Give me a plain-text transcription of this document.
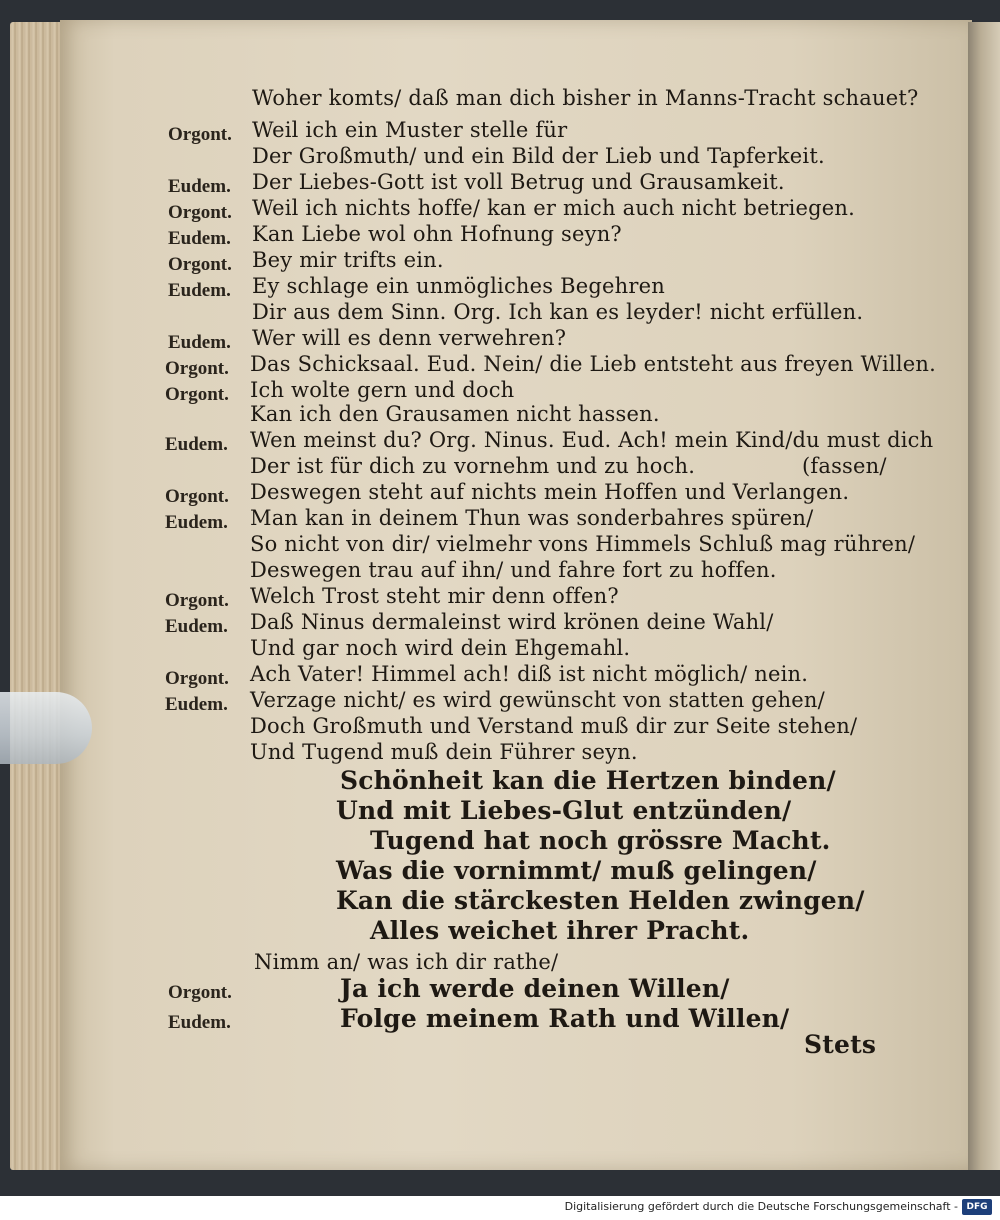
Woher komts/ daß man dich bisher in Manns-Tracht schauet?
Orgont. Weil ich ein Muster stelle für
Der Großmuth/ und ein Bild der Lieb und Tapferkeit.
Eudem. Der Liebes-Gott ist voll Betrug und Grausamkeit.
Orgont. Weil ich nichts hoffe/ kan er mich auch nicht betriegen.
Eudem. Kan Liebe wol ohn Hofnung seyn?
Orgont. Bey mir trifts ein.
Eudem. Ey schlage ein unmögliches Begehren
Dir aus dem Sinn. Org. Ich kan es leyder! nicht erfüllen.
Eudem. Wer will es denn verwehren?
Orgont. Das Schicksaal. Eud. Nein/ die Lieb entsteht aus freyen Willen.
Orgont. Ich wolte gern und doch
Kan ich den Grausamen nicht hassen.
Eudem. Wen meinst du? Org. Ninus. Eud. Ach! mein Kind/du must dich
Der ist für dich zu vornehm und zu hoch.	(fassen/
Orgont. Deswegen steht auf nichts mein Hoffen und Verlangen.
Eudem. Man kan in deinem Thun was sonderbahres spüren/
So nicht von dir/ vielmehr vons Himmels Schluß mag rühren/
Deswegen trau auf ihn/ und fahre fort zu hoffen.
Orgont. Welch Trost steht mir denn offen?
Eudem. Daß Ninus dermaleinst wird krönen deine Wahl/
Und gar noch wird dein Ehgemahl.
Orgont. Ach Vater! Himmel ach! diß ist nicht möglich/ nein.
Eudem. Verzage nicht/ es wird gewünscht von statten gehen/
Doch Großmuth und Verstand muß dir zur Seite stehen/
Und Tugend muß dein Führer seyn.
Schönheit kan die Hertzen binden/
Und mit Liebes-Glut entzünden/
Tugend hat noch grössre Macht.
Was die vornimmt/ muß gelingen/
Kan die stärckesten Helden zwingen/
Alles weichet ihrer Pracht.
Nimm an/ was ich dir rathe/
Orgont.	Ja ich werde deinen Willen/
Eudem.	Folge meinem Rath und Willen/
Stets
Digitalisierung gefördert durch die Deutsche Forschungsgemeinschaft - DFG
